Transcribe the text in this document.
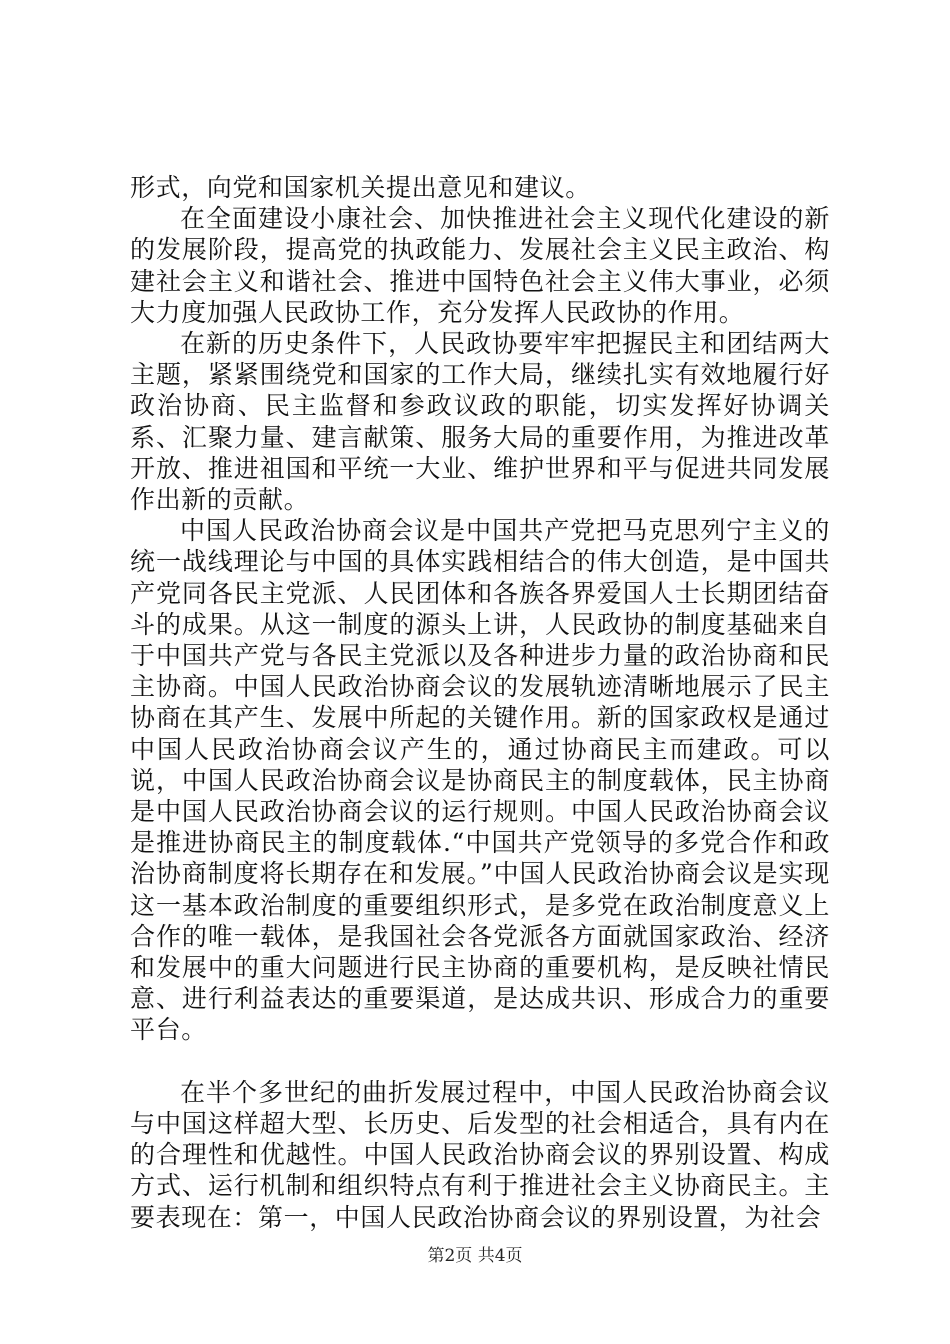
形式，向党和国家机关提出意见和建议。

在全面建设小康社会、加快推进社会主义现代化建设的新的发展阶段，提高党的执政能力、发展社会主义民主政治、构建社会主义和谐社会、推进中国特色社会主义伟大事业，必须大力度加强人民政协工作，充分发挥人民政协的作用。

在新的历史条件下，人民政协要牢牢把握民主和团结两大主题，紧紧围绕党和国家的工作大局，继续扎实有效地履行好政治协商、民主监督和参政议政的职能，切实发挥好协调关系、汇聚力量、建言献策、服务大局的重要作用，为推进改革开放、推进祖国和平统一大业、维护世界和平与促进共同发展作出新的贡献。

中国人民政治协商会议是中国共产党把马克思列宁主义的统一战线理论与中国的具体实践相结合的伟大创造，是中国共产党同各民主党派、人民团体和各族各界爱国人士长期团结奋斗的成果。从这一制度的源头上讲，人民政协的制度基础来自于中国共产党与各民主党派以及各种进步力量的政治协商和民主协商。中国人民政治协商会议的发展轨迹清晰地展示了民主协商在其产生、发展中所起的关键作用。新的国家政权是通过中国人民政治协商会议产生的，通过协商民主而建政。可以说，中国人民政治协商会议是协商民主的制度载体，民主协商是中国人民政治协商会议的运行规则。中国人民政治协商会议是推进协商民主的制度载体.“中国共产党领导的多党合作和政治协商制度将长期存在和发展。”中国人民政治协商会议是实现这一基本政治制度的重要组织形式，是多党在政治制度意义上合作的唯一载体，是我国社会各党派各方面就国家政治、经济和发展中的重大问题进行民主协商的重要机构，是反映社情民意、进行利益表达的重要渠道，是达成共识、形成合力的重要平台。

在半个多世纪的曲折发展过程中，中国人民政治协商会议与中国这样超大型、长历史、后发型的社会相适合，具有内在的合理性和优越性。中国人民政治协商会议的界别设置、构成方式、运行机制和组织特点有利于推进社会主义协商民主。主要表现在：第一，中国人民政治协商会议的界别设置，为社会

第2页 共4页
